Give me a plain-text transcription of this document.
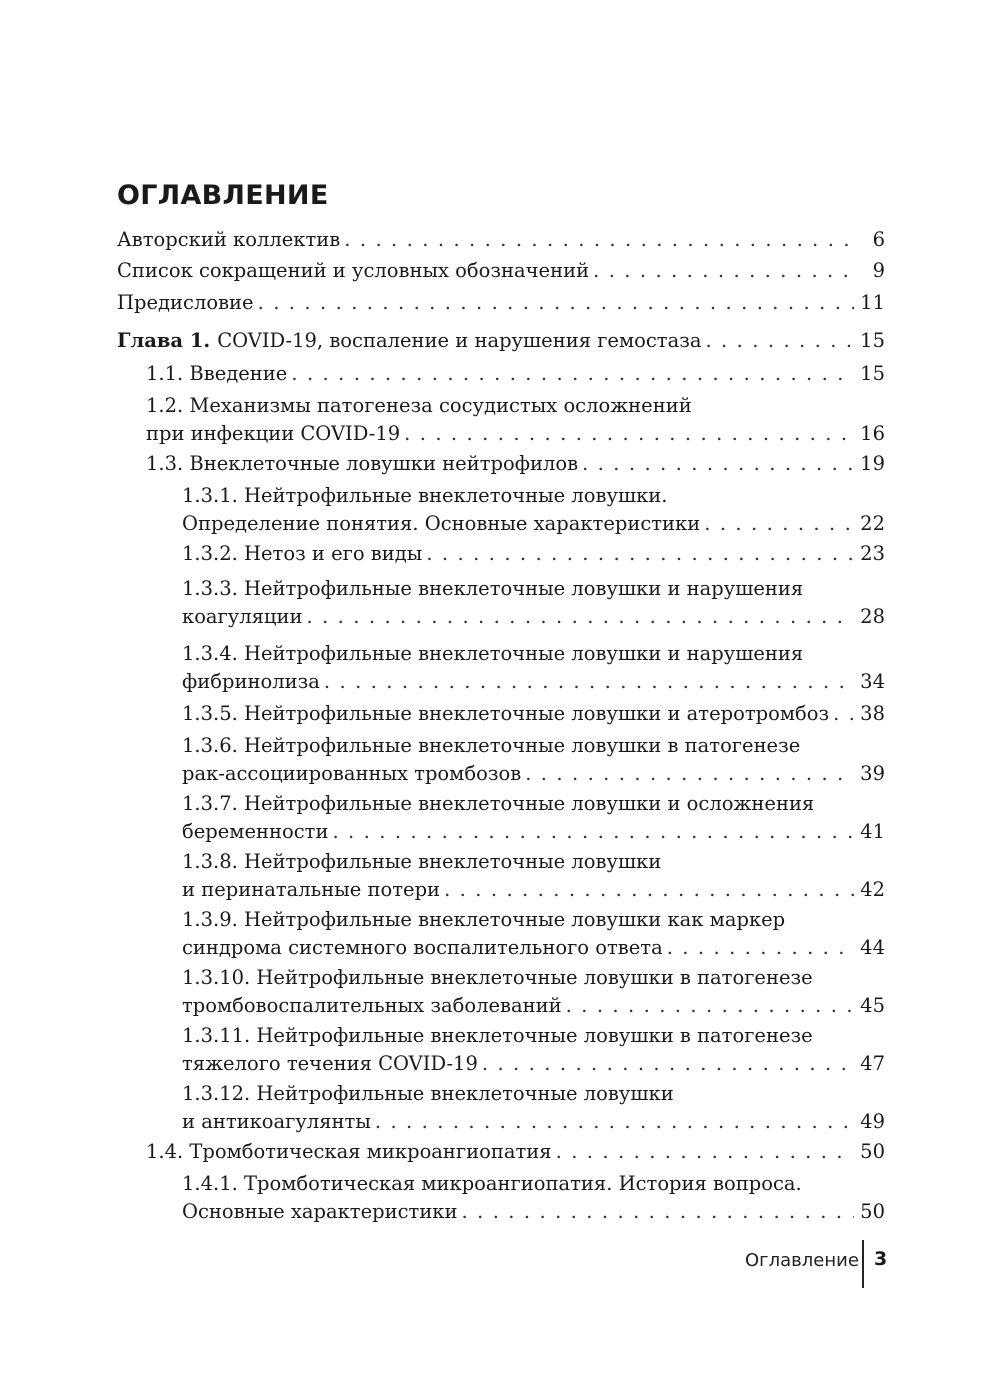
ОГЛАВЛЕНИЕ
Авторский коллектив . . .	6
Список сокращений и условных обозначений . . .	9
Предисловие . . .	11
Глава 1. COVID-19, воспаление и нарушения гемостаза . . .	15
1.1. Введение . . .	15
1.2. Механизмы патогенеза сосудистых осложнений
при инфекции COVID-19 . . .	16
1.3. Внеклеточные ловушки нейтрофилов . . .	19
1.3.1. Нейтрофильные внеклеточные ловушки.
Определение понятия. Основные характеристики . . .	22
1.3.2. Нетоз и его виды . . .	23
1.3.3. Нейтрофильные внеклеточные ловушки и нарушения
коагуляции . . .	28
1.3.4. Нейтрофильные внеклеточные ловушки и нарушения
фибринолиза . . .	34
1.3.5. Нейтрофильные внеклеточные ловушки и атеротромбоз . . . 38
1.3.6. Нейтрофильные внеклеточные ловушки в патогенезе
рак-ассоциированных тромбозов . . .	39
1.3.7. Нейтрофильные внеклеточные ловушки и осложнения
беременности . . .	41
1.3.8. Нейтрофильные внеклеточные ловушки
и перинатальные потери . . .	42
1.3.9. Нейтрофильные внеклеточные ловушки как маркер
синдрома системного воспалительного ответа . . .	44
1.3.10. Нейтрофильные внеклеточные ловушки в патогенезе
тромбовоспалительных заболеваний . . .	45
1.3.11. Нейтрофильные внеклеточные ловушки в патогенезе
тяжелого течения COVID-19 . . .	47
1.3.12. Нейтрофильные внеклеточные ловушки
и антикоагулянты . . .	49
1.4. Тромботическая микроангиопатия . . .	50
1.4.1. Тромботическая микроангиопатия. История вопроса.
Основные характеристики . . .	50
Оглавление 3
